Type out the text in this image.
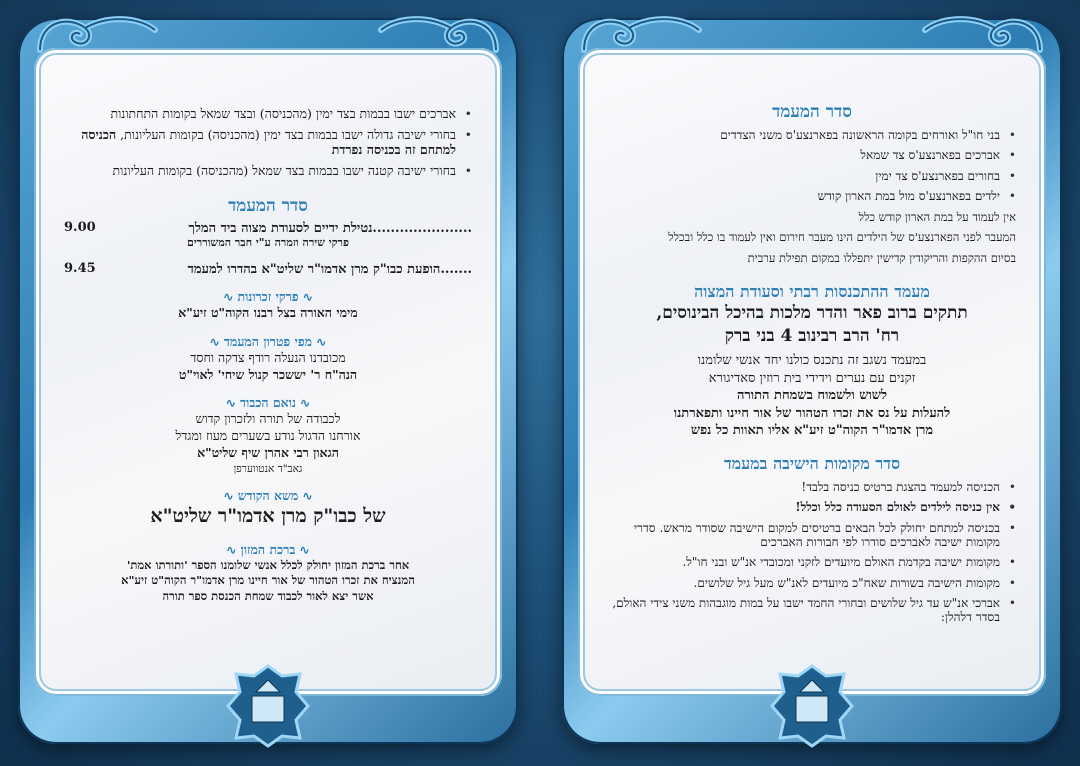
• אברכים ישבו בבמות בצד ימין (מהכניסה) ובצד שמאל בקומות התחתונות
• בחורי ישיבה גדולה ישבו בבמות בצד ימין (מהכניסה) בקומות העליונות, הכניסה למתחם זה בכניסה נפרדת
• בחורי ישיבה קטנה ישבו בבמות בצד שמאל (מהכניסה) בקומות העליונות

סדר המעמד

......................נטילת ידיים לסעודת מצוה ביד המלך
9.00

פרקי שירה וזמרה ע"י חבר המשוררים

.......הופעת כבו"ק מרן אדמו"ר שליט"א בהדרו למעמד
9.45
∿ פרקי זכרונות ∿

מימי האורה בצל רבנו הקוה"ט זיע"א

∿ מפי פטרון המעמד ∿

מכובדנו הנעלה רודף צדקה וחסד

הנה"ח ר' יששכר קנול שיחי' לאוי"ט

∿ נואם הכבוד ∿

לכבודה של תורה ולזכרון קדוש

אורחנו הדגול נודע בשערים מעוז ומגדל

הגאון רבי אהרן שיף שליט"א

גאב"ד אנטווערפן

∿ משא הקודש ∿

של כבו"ק מרן אדמו"ר שליט"א

∿ ברכת המזון ∿

אחר ברכת המזון יחולק לכלל אנשי שלומנו הספר 'ותורתו אמת'

המנציח את זכרו הטהור של אור חיינו מרן אדמו"ר הקוה"ט זיע"א

אשר יצא לאור לכבוד שמחת הכנסת ספר תורה

סדר המעמד

• בני חו"ל ואורחים בקומה הראשונה בפארנצע'ס משני הצדדים
• אברכים בפארנצע'ס צד שמאל
• בחורים בפארנצע'ס צד ימין
• ילדים בפארנצע'ס מול במת הארון קודש

אין לעמוד על במת הארון קודש כלל

המעבר לפני הפארנצע'ס של הילדים הינו מעבר חירום ואין לעמוד בו כלל ובכלל

בסיום ההקפות והריקודין קדישין יתפללו במקום תפילת ערבית

מעמד ההתכנסות רבתי וסעודת המצוה

תתקים ברוב פאר והדר מלכות בהיכל הבינוסים,

רח' הרב רבינוב 4 בני ברק

במעמד נשגב זה נתכנס כולנו יחד אנשי שלומנו

זקנים עם נערים וידידי בית רוזין סאדיגורא

לשוש ולשמוח בשמחת התורה

להעלות על נס את זכרו הטהור של אור חיינו ותפארתנו

מרן אדמו"ר הקוה"ט זיע"א אליו תאוות כל נפש

סדר מקומות הישיבה במעמד

• הכניסה למעמד בהצגת ברטיס כניסה בלבד!
• אין כניסה לילדים לאולם הסעודה כלל וכלל!
• בכניסה למתחם יחולק לכל הבאים ברטיסים למקום הישיבה שסודר מראש. סדרי מקומות ישיבה לאברכים סודרו לפי חבורות האברכים
• מקומות ישיבה בקדמת האולם מיועדים לזקני ומכובדי אנ"ש ובני חו"ל.
• מקומות הישיבה בשורות שאח"כ מיועדים לאנ"ש מעל גיל שלושים.
• אברכי אנ"ש עד גיל שלושים ובחורי החמד ישבו על במות מוגבהות משני צידי האולם, בסדר דלהלן:
